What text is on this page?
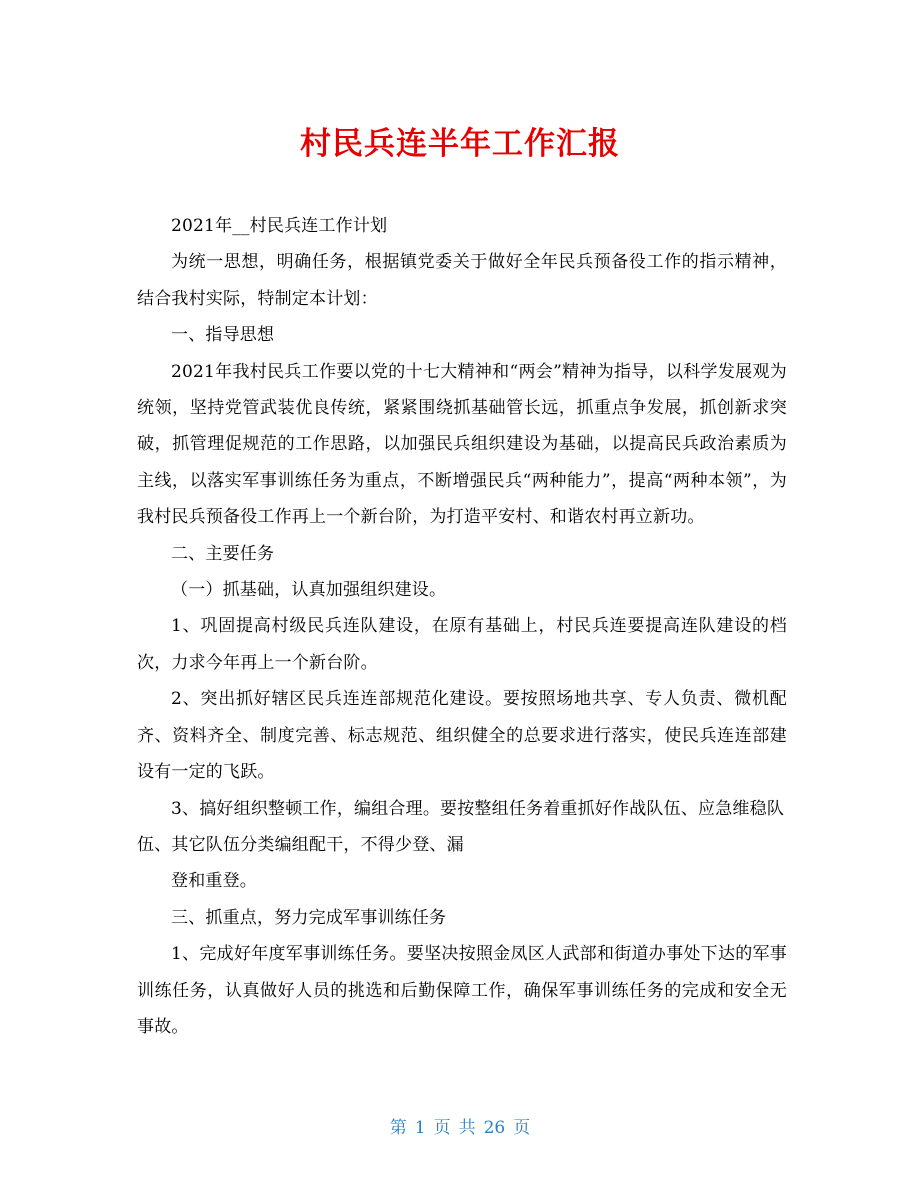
村民兵连半年工作汇报

2021年__村民兵连工作计划

为统一思想，明确任务，根据镇党委关于做好全年民兵预备役工作的指示精神，结合我村实际，特制定本计划：

一、指导思想

2021年我村民兵工作要以党的十七大精神和“两会”精神为指导，以科学发展观为统领，坚持党管武装优良传统，紧紧围绕抓基础管长远，抓重点争发展，抓创新求突破，抓管理促规范的工作思路，以加强民兵组织建设为基础，以提高民兵政治素质为主线，以落实军事训练任务为重点，不断增强民兵“两种能力”，提高“两种本领”，为我村民兵预备役工作再上一个新台阶，为打造平安村、和谐农村再立新功。

二、主要任务

（一）抓基础，认真加强组织建设。

1、巩固提高村级民兵连队建设，在原有基础上，村民兵连要提高连队建设的档次，力求今年再上一个新台阶。

2、突出抓好辖区民兵连连部规范化建设。要按照场地共享、专人负责、微机配齐、资料齐全、制度完善、标志规范、组织健全的总要求进行落实，使民兵连连部建设有一定的飞跃。

3、搞好组织整顿工作，编组合理。要按整组任务着重抓好作战队伍、应急维稳队伍、其它队伍分类编组配干，不得少登、漏

登和重登。

三、抓重点，努力完成军事训练任务

1、完成好年度军事训练任务。要坚决按照金凤区人武部和街道办事处下达的军事训练任务，认真做好人员的挑选和后勤保障工作，确保军事训练任务的完成和安全无事故。

第 1 页 共 26 页
